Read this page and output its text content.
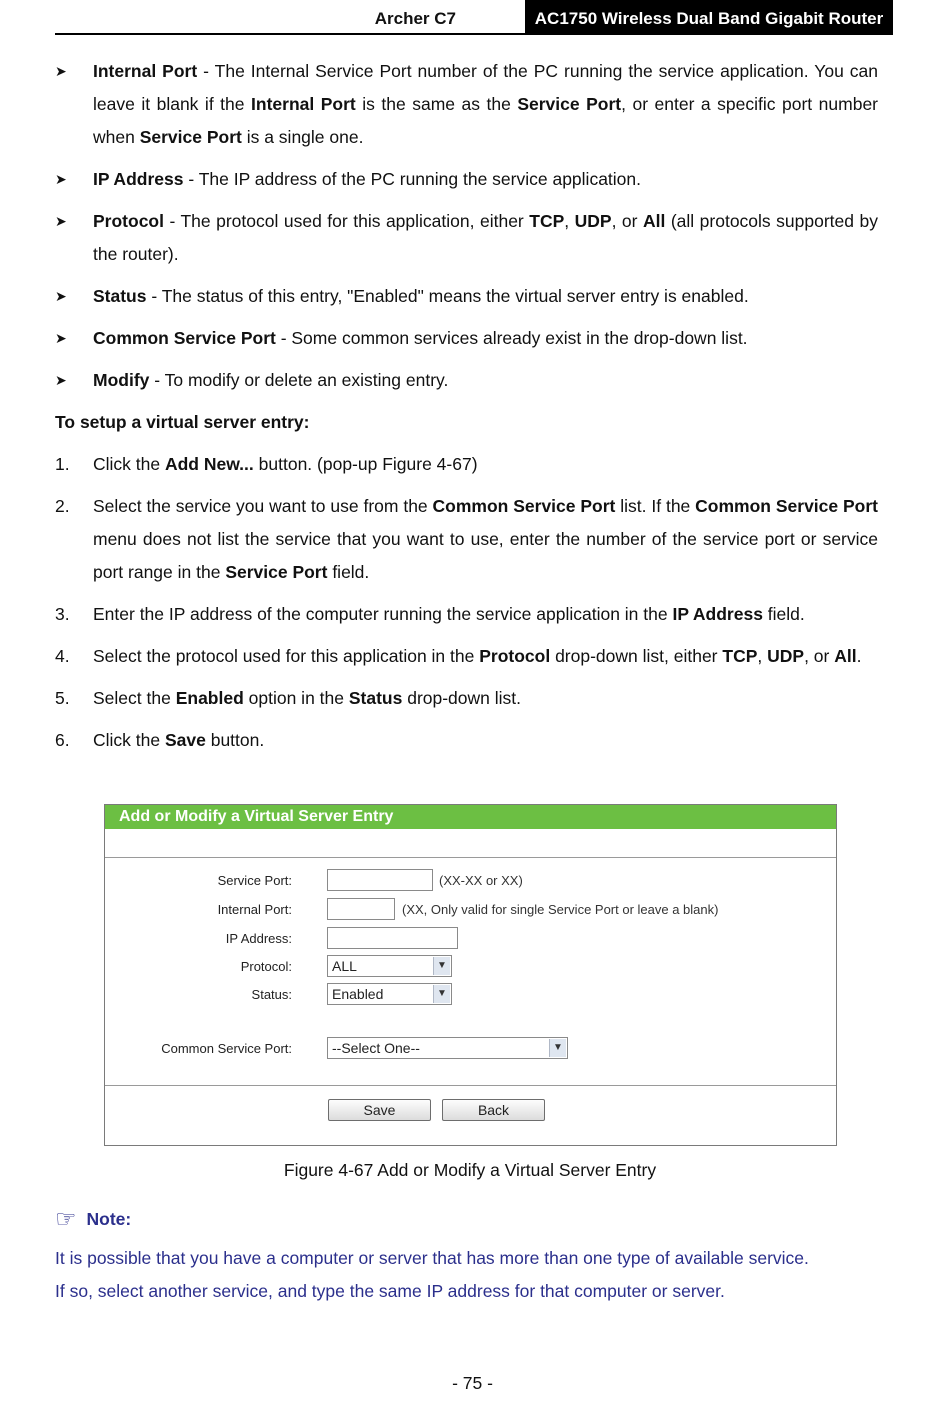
Archer C7	AC1750 Wireless Dual Band Gigabit Router
➤ Internal Port - The Internal Service Port number of the PC running the service application. You can leave it blank if the Internal Port is the same as the Service Port, or enter a specific port number when Service Port is a single one.
➤ IP Address - The IP address of the PC running the service application.
➤ Protocol - The protocol used for this application, either TCP, UDP, or All (all protocols supported by the router).
➤ Status - The status of this entry, "Enabled" means the virtual server entry is enabled.
➤ Common Service Port - Some common services already exist in the drop-down list.
➤ Modify - To modify or delete an existing entry.
To setup a virtual server entry:
1. Click the Add New... button. (pop-up Figure 4-67)
2. Select the service you want to use from the Common Service Port list. If the Common Service Port menu does not list the service that you want to use, enter the number of the service port or service port range in the Service Port field.
3. Enter the IP address of the computer running the service application in the IP Address field.
4. Select the protocol used for this application in the Protocol drop-down list, either TCP, UDP, or All.
5. Select the Enabled option in the Status drop-down list.
6. Click the Save button.
Add or Modify a Virtual Server Entry
Service Port:	(XX-XX or XX)
Internal Port:	(XX, Only valid for single Service Port or leave a blank)
IP Address:
Protocol:	ALL	▼
Status:	Enabled	▼
Common Service Port:	--Select One--	▼
Save	Back
Figure 4-67 Add or Modify a Virtual Server Entry
☞ Note:
It is possible that you have a computer or server that has more than one type of available service.
If so, select another service, and type the same IP address for that computer or server.
- 75 -
